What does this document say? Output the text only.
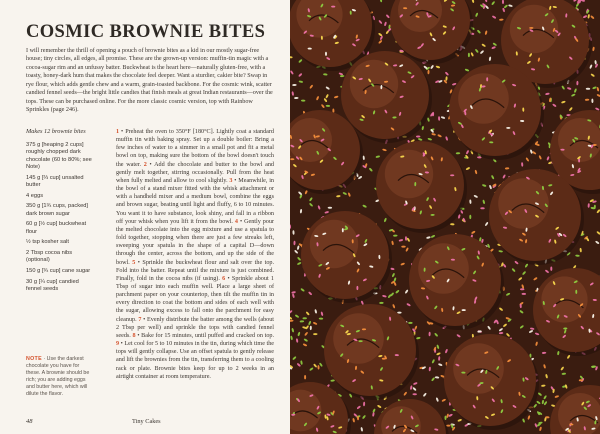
COSMIC BROWNIE BITES

I will remember the thrill of opening a pouch of brownie bites as a kid in our mostly sugar-free house; tiny circles, all edges, all promise. These are the grown-up version: muffin-tin magic with a cocoa-sugar rim and an unfussy batter. Buckwheat is the heart here—naturally gluten-free, with a toasty, honey-dark hum that makes the chocolate feel deeper. Want a sturdier, cakier bite? Swap in rye flour, which adds gentle chew and a warm, grain-toasted backbone. For the cosmic wink, scatter candied fennel seeds—the bright little candies that finish meals at great Indian restaurants—over the tops. These can be purchased online. For the more classic cosmic version, top with Rainbow Sprinkles (page 246).

Makes 12 brownie bites

375 g [heaping 2 cups] roughly chopped dark chocolate (60 to 80%; see Note)
145 g [⅔ cup] unsalted butter
4 eggs
350 g [1¾ cups, packed] dark brown sugar
60 g [½ cup] buckwheat flour
½ tsp kosher salt
2 Tbsp cocoa nibs (optional)
150 g [¾ cup] cane sugar
30 g [¼ cup] candied fennel seeds

NOTE · Use the darkest chocolate you have for these. A brownie should be rich; you are adding eggs and butter here, which will dilute the flavor.

1 • Preheat the oven to 350°F [180°C]. Lightly coat a standard muffin tin with baking spray. Set up a double boiler: Bring a few inches of water to a simmer in a small pot and fit a metal bowl on top, making sure the bottom of the bowl doesn't touch the water. 2 • Add the chocolate and butter to the bowl and gently melt together, stirring occasionally. Pull from the heat when fully melted and allow to cool slightly. 3 • Meanwhile, in the bowl of a stand mixer fitted with the whisk attachment or with a handheld mixer and a medium bowl, combine the eggs and brown sugar, beating until light and fluffy, 6 to 10 minutes. You want it to have substance, look shiny, and fall in a ribbon off your whisk when you lift it from the bowl. 4 • Gently pour the melted chocolate into the egg mixture and use a spatula to fold together, stopping when there are just a few streaks left, sweeping your spatula in the shape of a capital D—down through the center, across the bottom, and up the side of the bowl. 5 • Sprinkle the buckwheat flour and salt over the top. Fold into the batter. Repeat until the mixture is just combined. Finally, fold in the cocoa nibs (if using). 6 • Sprinkle about 1 Tbsp of sugar into each muffin well. Place a large sheet of parchment paper on your countertop, then tilt the muffin tin in every direction to coat the bottom and sides of each well with the sugar, allowing excess to fall onto the parchment for easy cleanup. 7 • Evenly distribute the batter among the wells (about 2 Tbsp per well) and sprinkle the tops with candied fennel seeds. 8 • Bake for 15 minutes, until puffed and cracked on top. 9 • Let cool for 5 to 10 minutes in the tin, during which time the tops will gently collapse. Use an offset spatula to gently release and lift the brownies from the tin, transferring them to a cooling rack or plate. Brownie bites keep for up to 2 weeks in an airtight container at room temperature.

48	Tiny Cakes
